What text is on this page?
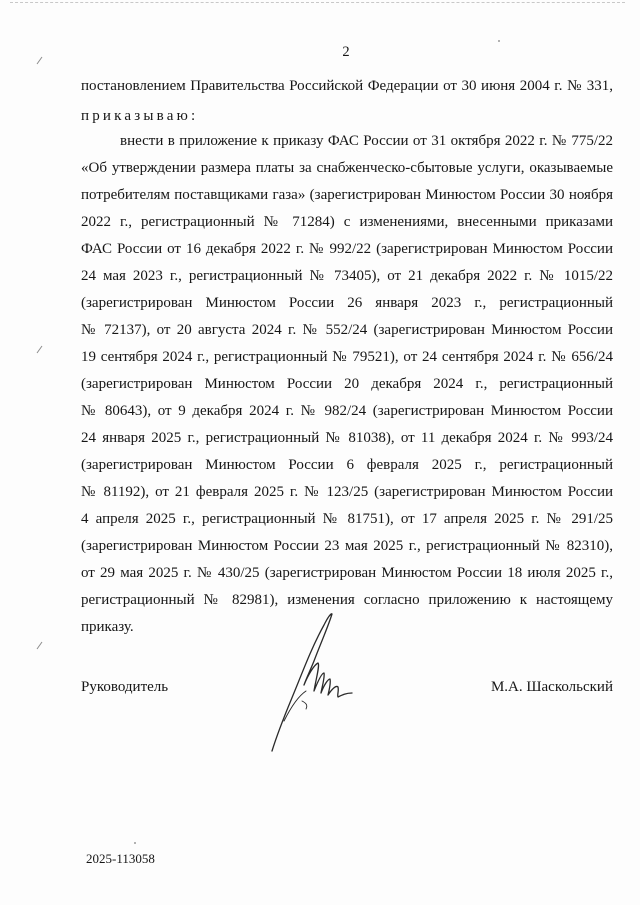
2
постановлением Правительства Российской Федерации от 30 июня 2004 г. № 331,
приказываю:
внести в приложение к приказу ФАС России от 31 октября 2022 г. № 775/22
«Об утверждении размера платы за снабженческо-сбытовые услуги, оказываемые
потребителям поставщиками газа» (зарегистрирован Минюстом России 30 ноября
2022 г., регистрационный № 71284) с изменениями, внесенными приказами
ФАС России от 16 декабря 2022 г. № 992/22 (зарегистрирован Минюстом России
24 мая 2023 г., регистрационный № 73405), от 21 декабря 2022 г. № 1015/22
(зарегистрирован Минюстом России 26 января 2023 г., регистрационный
№ 72137), от 20 августа 2024 г. № 552/24 (зарегистрирован Минюстом России
19 сентября 2024 г., регистрационный № 79521), от 24 сентября 2024 г. № 656/24
(зарегистрирован Минюстом России 20 декабря 2024 г., регистрационный
№ 80643), от 9 декабря 2024 г. № 982/24 (зарегистрирован Минюстом России
24 января 2025 г., регистрационный № 81038), от 11 декабря 2024 г. № 993/24
(зарегистрирован Минюстом России 6 февраля 2025 г., регистрационный
№ 81192), от 21 февраля 2025 г. № 123/25 (зарегистрирован Минюстом России
4 апреля 2025 г., регистрационный № 81751), от 17 апреля 2025 г. № 291/25
(зарегистрирован Минюстом России 23 мая 2025 г., регистрационный № 82310),
от 29 мая 2025 г. № 430/25 (зарегистрирован Минюстом России 18 июля 2025 г.,
регистрационный № 82981), изменения согласно приложению к настоящему
приказу.
Руководитель	М.А. Шаскольский
2025-113058
